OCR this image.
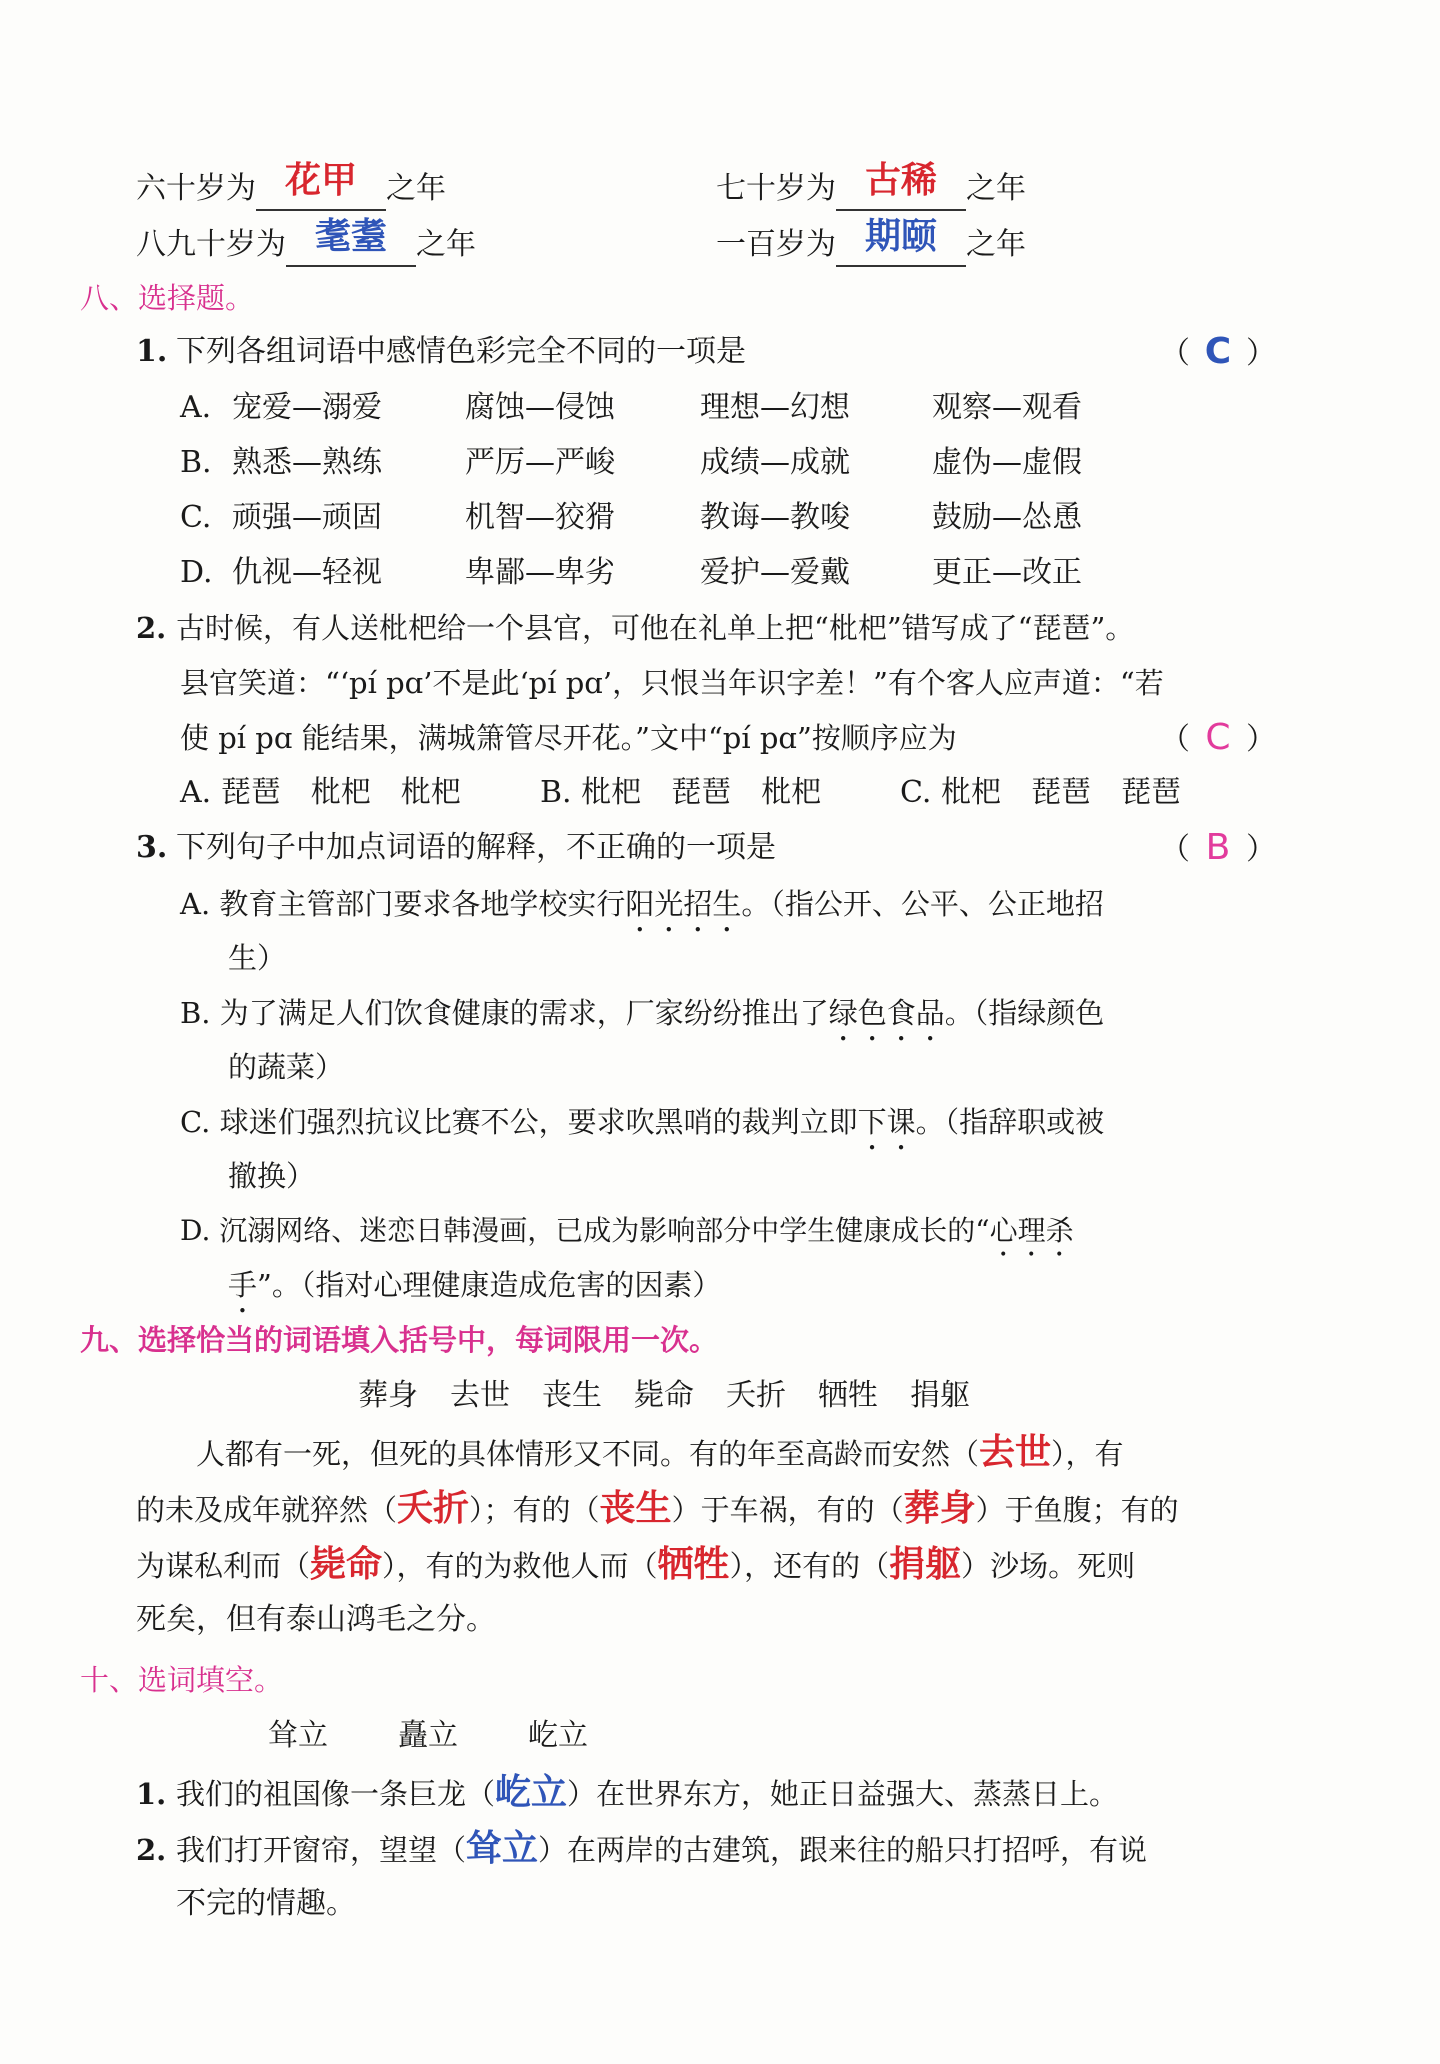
六十岁为 花甲 之年	七十岁为 古稀 之年
八九十岁为 耄耋 之年	一百岁为 期颐 之年
八、选择题。
1. 下列各组词语中感情色彩完全不同的一项是	（ C ）
A. 宠爱—溺爱	腐蚀—侵蚀	理想—幻想	观察—观看
B. 熟悉—熟练	严厉—严峻	成绩—成就	虚伪—虚假
C. 顽强—顽固	机智—狡猾	教诲—教唆	鼓励—怂恿
D. 仇视—轻视	卑鄙—卑劣	爱护—爱戴	更正—改正
2. 古时候，有人送枇杷给一个县官，可他在礼单上把“枇杷”错写成了“琵琶”。
县官笑道：“‘pí pɑ’不是此‘pí pɑ’，只恨当年识字差！”有个客人应声道：“若
使 pí pɑ 能结果，满城箫管尽开花。”文中“pí pɑ”按顺序应为	（ C ）
A. 琵琶　枇杷　枇杷	B. 枇杷　琵琶　枇杷	C. 枇杷　琵琶　琵琶
3. 下列句子中加点词语的解释，不正确的一项是	（ B ）
A. 教育主管部门要求各地学校实行阳光招生。（指公开、公平、公正地招
生）
B. 为了满足人们饮食健康的需求，厂家纷纷推出了绿色食品。（指绿颜色
的蔬菜）
C. 球迷们强烈抗议比赛不公，要求吹黑哨的裁判立即下课。（指辞职或被
撤换）
D. 沉溺网络、迷恋日韩漫画，已成为影响部分中学生健康成长的“心理杀
手”。（指对心理健康造成危害的因素）
九、选择恰当的词语填入括号中，每词限用一次。
葬身 去世 丧生 毙命 夭折 牺牲 捐躯
人都有一死，但死的具体情形又不同。有的年至高龄而安然（去世），有
的未及成年就猝然（夭折）；有的（丧生）于车祸，有的（葬身）于鱼腹；有的
为谋私利而（毙命），有的为救他人而（牺牲），还有的（捐躯）沙场。死则
死矣，但有泰山鸿毛之分。
十、选词填空。
耸立 矗立 屹立
1. 我们的祖国像一条巨龙（屹立）在世界东方，她正日益强大、蒸蒸日上。
2. 我们打开窗帘，望望（耸立）在两岸的古建筑，跟来往的船只打招呼，有说
不完的情趣。
